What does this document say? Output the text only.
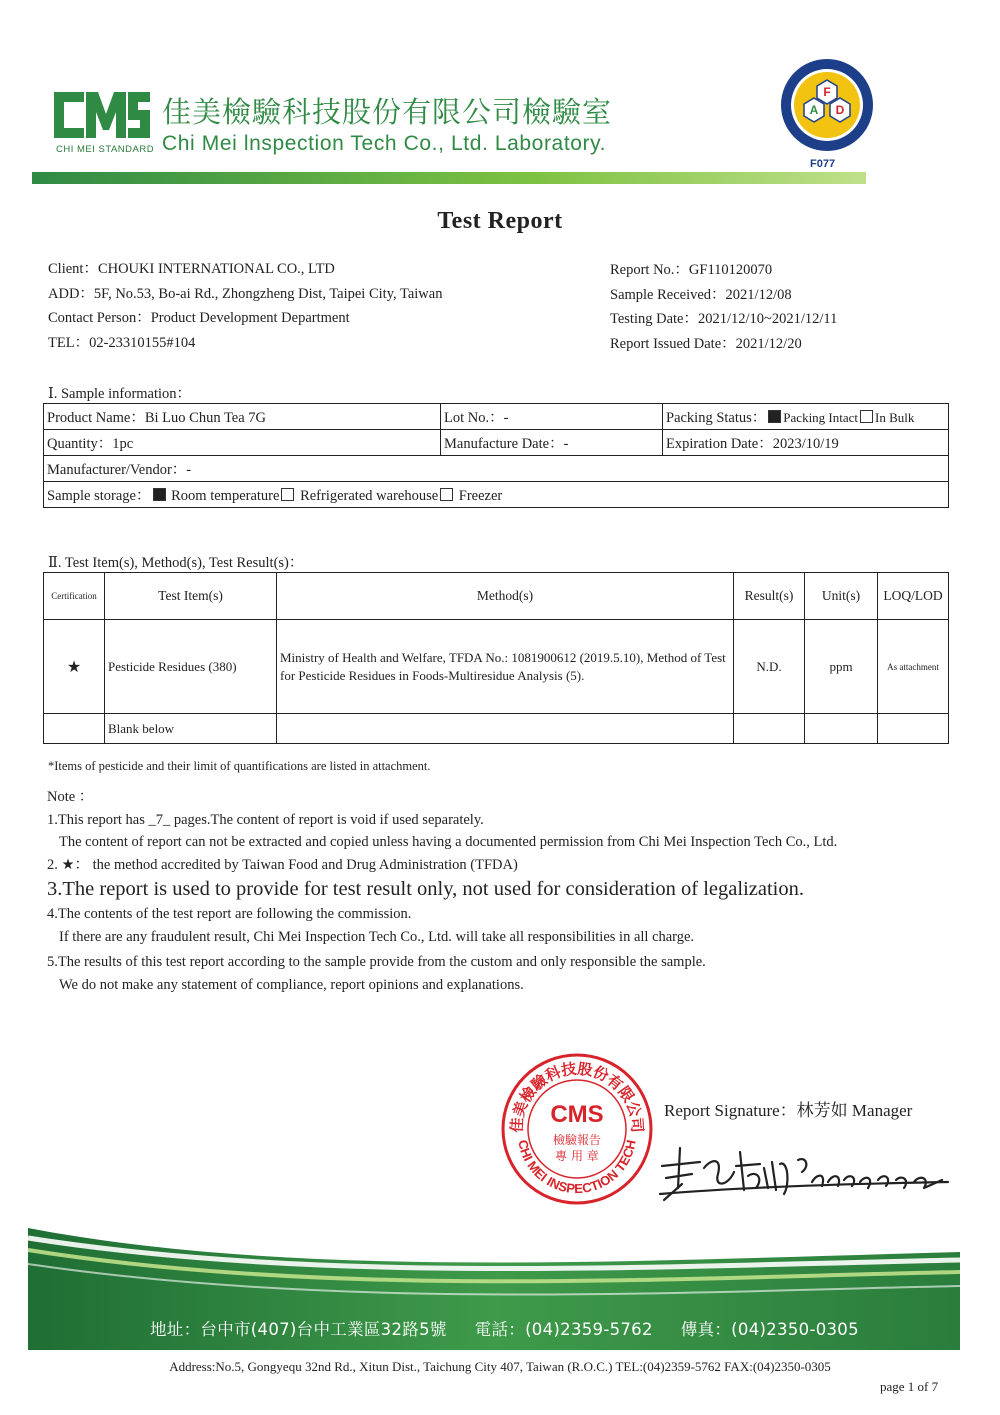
CHI MEI STANDARD
佳美檢驗科技股份有限公司檢驗室
Chi Mei lnspection Tech Co., Ltd. Laboratory.
F
D
A
F077
Test Report
Client：CHOUKI INTERNATIONAL CO., LTD
ADD：5F, No.53, Bo-ai Rd., Zhongzheng Dist, Taipei City, Taiwan
Contact Person：Product Development Department
TEL：02-23310155#104
Report No.：GF110120070
Sample Received：2021/12/08
Testing Date：2021/12/10~2021/12/11
Report Issued Date：2021/12/20
Ⅰ. Sample information：
Product Name：Bi Luo Chun Tea 7G	Lot No.：-	Packing Status： Packing Intact In Bulk
Quantity：1pc	Manufacture Date：-	Expiration Date：2023/10/19
Manufacturer/Vendor：-		
Sample storage： Room temperature Refrigerated warehouse Freezer		
Ⅱ. Test Item(s), Method(s), Test Result(s)：
Certification	Test Item(s)	Method(s)	Result(s)	Unit(s)	LOQ/LOD
★	Pesticide Residues (380)	Ministry of Health and Welfare, TFDA No.: 1081900612 (2019.5.10), Method of Test for Pesticide Residues in Foods-Multiresidue Analysis (5).	N.D.	ppm	As attachment
	Blank below				
*Items of pesticide and their limit of quantifications are listed in attachment.
Note ：
1.This report has _7_ pages.The content of report is void if used separately.
The content of report can not be extracted and copied unless having a documented permission from Chi Mei Inspection Tech Co., Ltd.
2. ★： the method accredited by Taiwan Food and Drug Administration (TFDA)
3.The report is used to provide for test result only, not used for consideration of legalization.
4.The contents of the test report are following the commission.
If there are any fraudulent result, Chi Mei Inspection Tech Co., Ltd. will take all responsibilities in all charge.
5.The results of this test report according to the sample provide from the custom and only responsible the sample.
We do not make any statement of compliance, report opinions and explanations.
佳美檢驗科技股份有限公司
CHI MEI INSPECTION TECH
CMS
檢驗報告
專 用 章
Report Signature：林芳如 Manager
地址：台中市(407)台中工業區32路5號 電話：(04)2359-5762 傳真：(04)2350-0305
Address:No.5, Gongyequ 32nd Rd., Xitun Dist., Taichung City 407, Taiwan (R.O.C.) TEL:(04)2359-5762 FAX:(04)2350-0305
page 1 of 7
